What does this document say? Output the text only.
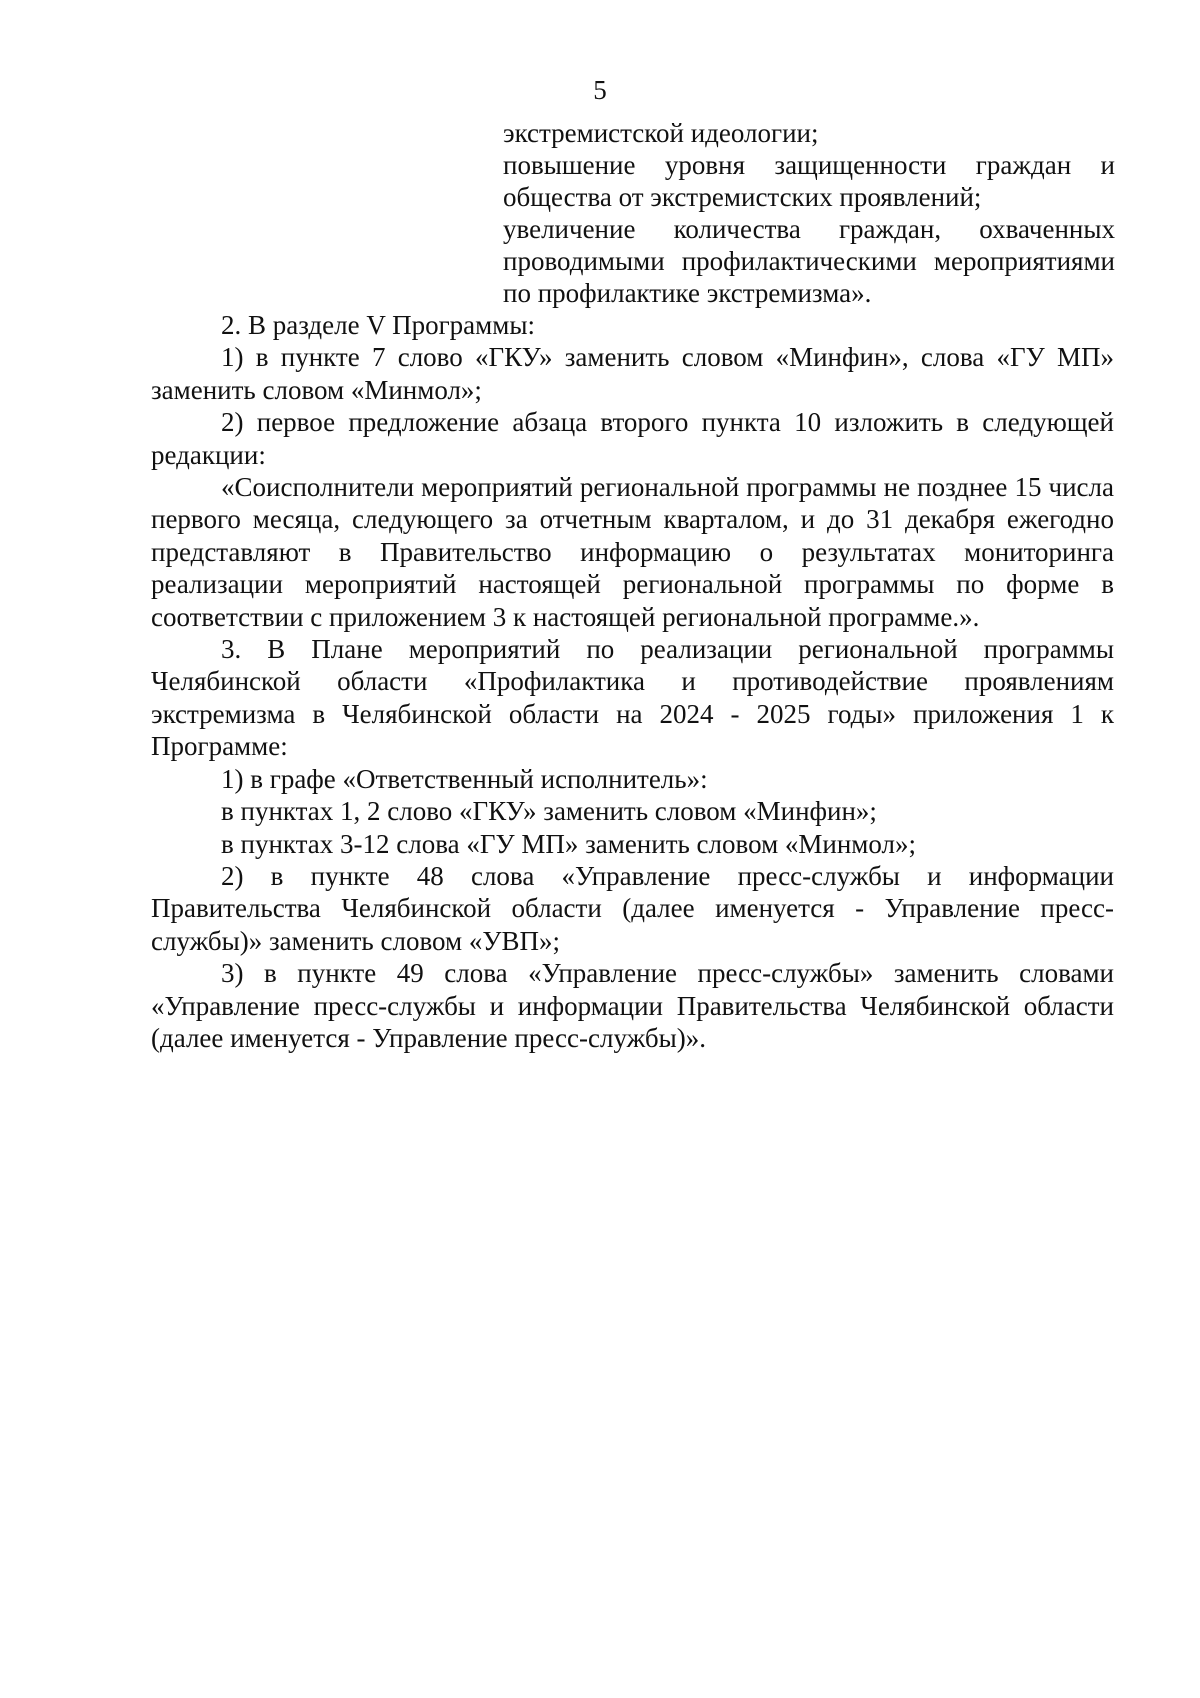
5

экстремистской идеологии;

повышение уровня защищенности граждан и общества от экстремистских проявлений;

увеличение количества граждан, охваченных проводимыми профилактическими мероприятиями по профилактике экстремизма».

2. В разделе V Программы:

1) в пункте 7 слово «ГКУ» заменить словом «Минфин», слова «ГУ МП» заменить словом «Минмол»;

2) первое предложение абзаца второго пункта 10 изложить в следующей редакции:

«Соисполнители мероприятий региональной программы не позднее 15 числа первого месяца, следующего за отчетным кварталом, и до 31 декабря ежегодно представляют в Правительство информацию о результатах мониторинга реализации мероприятий настоящей региональной программы по форме в соответствии с приложением 3 к настоящей региональной программе.».

3. В Плане мероприятий по реализации региональной программы Челябинской области «Профилактика и противодействие проявлениям экстремизма в Челябинской области на 2024 - 2025 годы» приложения 1 к Программе:

1) в графе «Ответственный исполнитель»:

в пунктах 1, 2 слово «ГКУ» заменить словом «Минфин»;

в пунктах 3-12 слова «ГУ МП» заменить словом «Минмол»;

2) в пункте 48 слова «Управление пресс-службы и информации Правительства Челябинской области (далее именуется - Управление пресс-службы)» заменить словом «УВП»;

3) в пункте 49 слова «Управление пресс-службы» заменить словами «Управление пресс-службы и информации Правительства Челябинской области (далее именуется - Управление пресс-службы)».
